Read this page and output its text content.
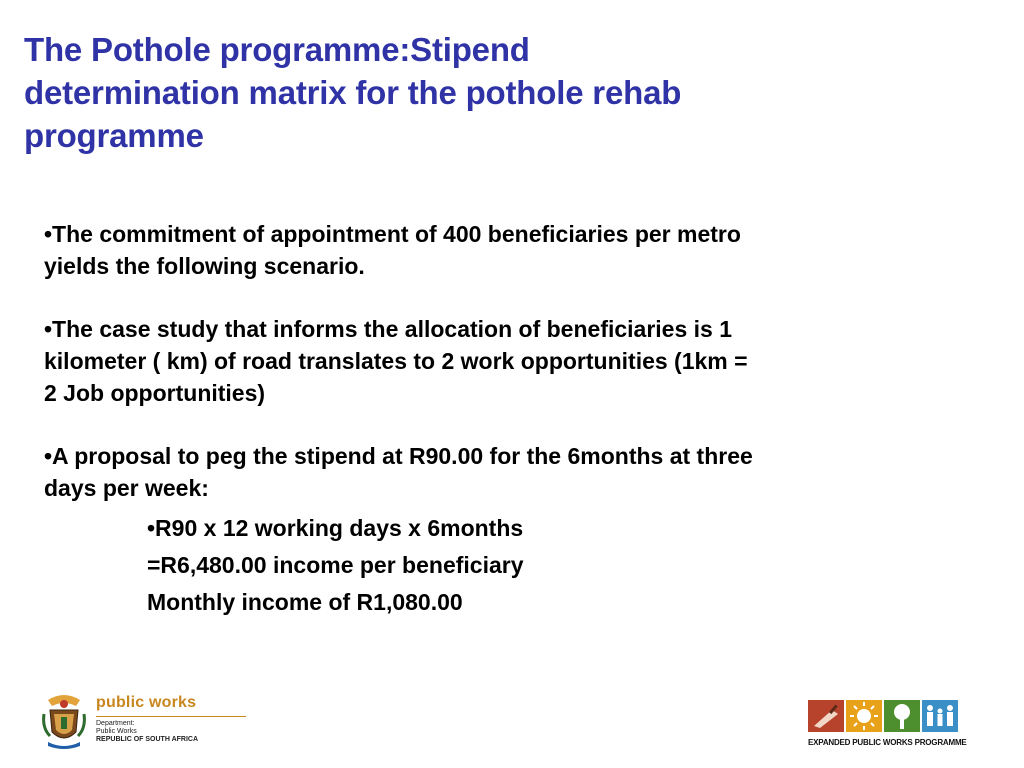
The Pothole programme:Stipend
determination matrix for the pothole rehab
programme

•The commitment of appointment of 400 beneficiaries per metro
yields the following scenario.

•The case study that informs the allocation of beneficiaries is 1
kilometer ( km) of road translates to 2 work opportunities (1km =
2 Job opportunities)

•A proposal to peg the stipend at R90.00 for the 6months at three
days per week:

•R90 x 12 working days x 6months
=R6,480.00 income per beneficiary
Monthly income of R1,080.00
public works
Department:
Public Works
REPUBLIC OF SOUTH AFRICA	EXPANDED PUBLIC WORKS PROGRAMME
